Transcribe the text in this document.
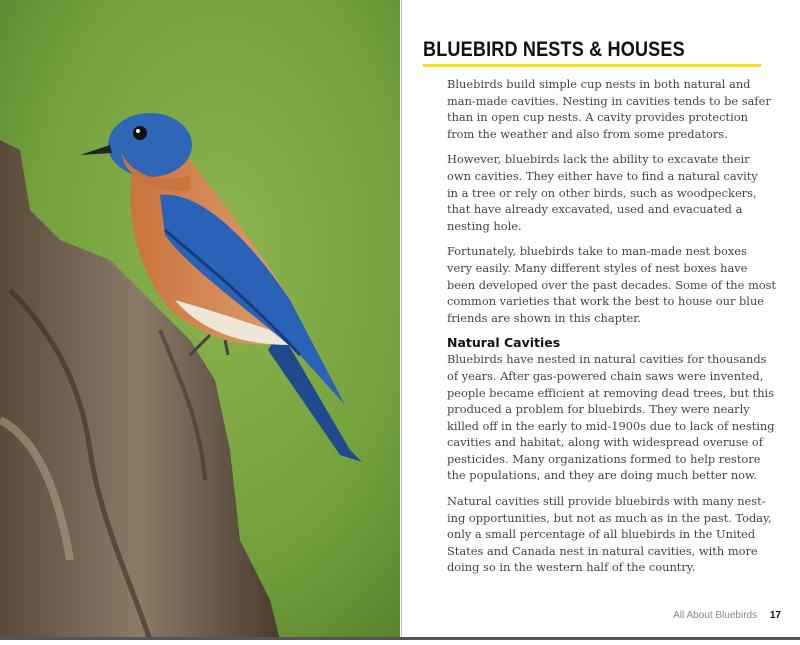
BLUEBIRD NESTS & HOUSES

Bluebirds build simple cup nests in both natural and
man-made cavities. Nesting in cavities tends to be safer
than in open cup nests. A cavity provides protection
from the weather and also from some predators.

However, bluebirds lack the ability to excavate their
own cavities. They either have to find a natural cavity
in a tree or rely on other birds, such as woodpeckers,
that have already excavated, used and evacuated a
nesting hole.

Fortunately, bluebirds take to man-made nest boxes
very easily. Many different styles of nest boxes have
been developed over the past decades. Some of the most
common varieties that work the best to house our blue
friends are shown in this chapter.

Natural Cavities

Bluebirds have nested in natural cavities for thousands
of years. After gas-powered chain saws were invented,
people became efficient at removing dead trees, but this
produced a problem for bluebirds. They were nearly
killed off in the early to mid-1900s due to lack of nesting
cavities and habitat, along with widespread overuse of
pesticides. Many organizations formed to help restore
the populations, and they are doing much better now.

Natural cavities still provide bluebirds with many nest-
ing opportunities, but not as much as in the past. Today,
only a small percentage of all bluebirds in the United
States and Canada nest in natural cavities, with more
doing so in the western half of the country.

All About Bluebirds 17
